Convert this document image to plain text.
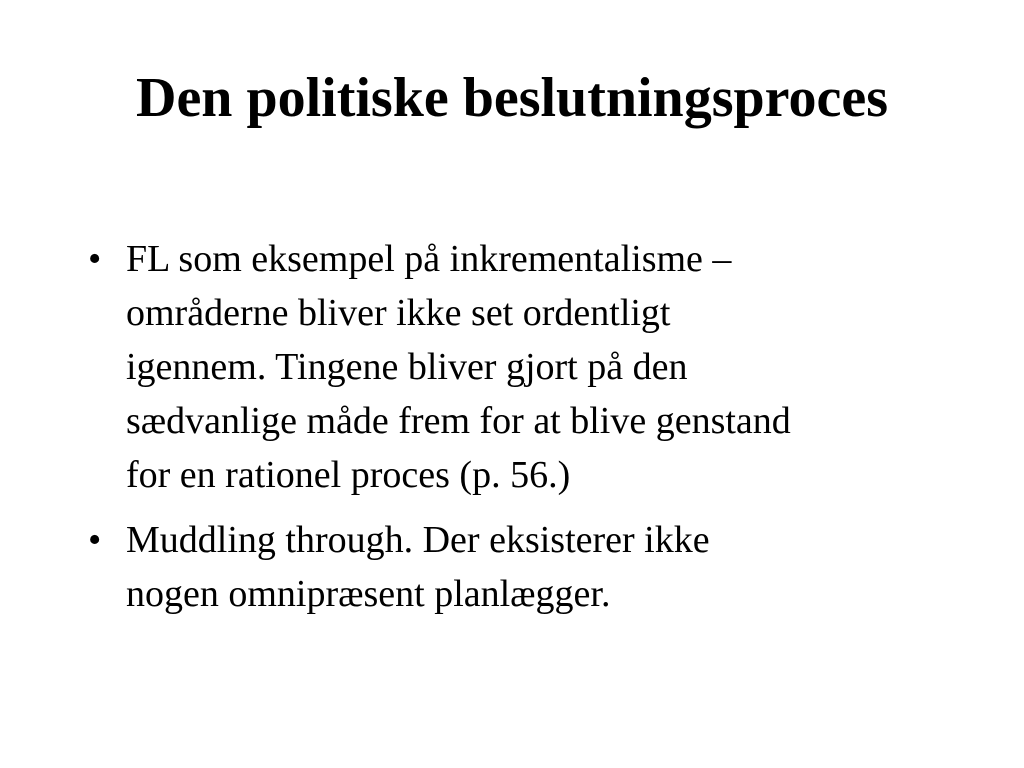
Den politiske beslutningsproces
• FL som eksempel på inkrementalisme –
områderne bliver ikke set ordentligt
igennem. Tingene bliver gjort på den
sædvanlige måde frem for at blive genstand
for en rationel proces (p. 56.)
• Muddling through. Der eksisterer ikke
nogen omnipræsent planlægger.
